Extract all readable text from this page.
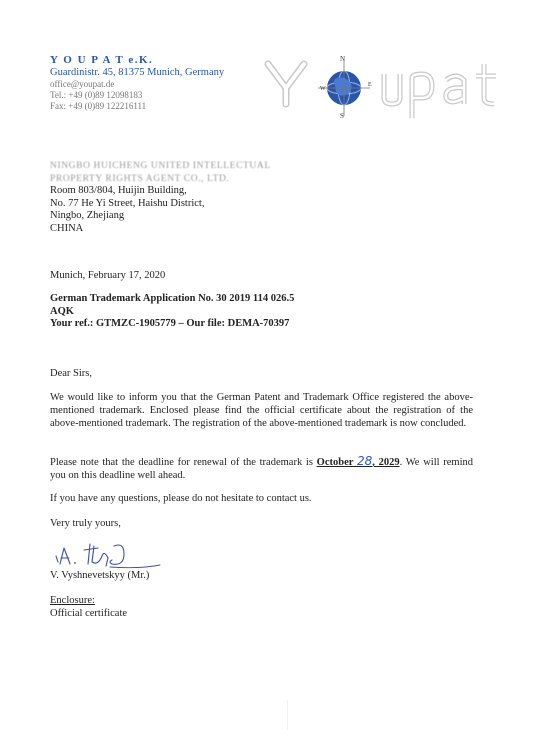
Y O U P A T e.K.
Guardinistr. 45, 81375 Munich, Germany
office@youpat.de
Tel.: +49 (0)89 12098183
Fax: +49 (0)89 122216111
N
E
S
W
NINGBO HUICHENG UNITED INTELLECTUAL
PROPERTY RIGHTS AGENT CO., LTD.
Room 803/804, Huijin Building,
No. 77 He Yi Street, Haishu District,
Ningbo, Zhejiang
CHINA
Munich, February 17, 2020
German Trademark Application No. 30 2019 114 026.5
AQK
Your ref.: GTMZC-1905779 – Our file: DEMA-70397
Dear Sirs,
We would like to inform you that the German Patent and Trademark Office registered the above-mentioned trademark. Enclosed please find the official certificate about the registration of the above-mentioned trademark. The registration of the above-mentioned trademark is now concluded.
Please note that the deadline for renewal of the trademark is October 28, 2029. We will remind you on this deadline well ahead.
If you have any questions, please do not hesitate to contact us.
Very truly yours,
V. Vyshnevetskyy (Mr.)
Enclosure:
Official certificate
